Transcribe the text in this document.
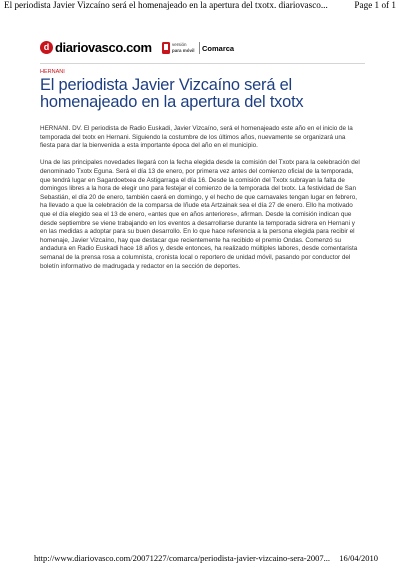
El periodista Javier Vizcaíno será el homenajeado en la apertura del txotx. diariovasco...	Page 1 of 1
d diariovasco.com	versión
para móvil Comarca
HERNANI
El periodista Javier Vizcaíno será el homenajeado en la apertura del txotx

HERNANI. DV. El periodista de Radio Euskadi, Javier Vizcaíno, será el homenajeado este año en el inicio de la temporada del txotx en Hernani. Siguiendo la costumbre de los últimos años, nuevamente se organizará una fiesta para dar la bienvenida a esta importante época del año en el municipio.

Una de las principales novedades llegará con la fecha elegida desde la comisión del Txotx para la celebración del denominado Txotx Eguna. Será el día 13 de enero, por primera vez antes del comienzo oficial de la temporada, que tendrá lugar en Sagardoetxea de Astigarraga el día 16. Desde la comisión del Txotx subrayan la falta de domingos libres a la hora de elegir uno para festejar el comienzo de la temporada del txotx. La festividad de San Sebastián, el día 20 de enero, también caerá en domingo, y el hecho de que carnavales tengan lugar en febrero, ha llevado a que la celebración de la comparsa de Iñude eta Artzainak sea el día 27 de enero. Ello ha motivado que el día elegido sea el 13 de enero, «antes que en años anteriores», afirman. Desde la comisión indican que desde septiembre se viene trabajando en los eventos a desarrollarse durante la temporada sidrera en Hernani y en las medidas a adoptar para su buen desarrollo. En lo que hace referencia a la persona elegida para recibir el homenaje, Javier Vizcaíno, hay que destacar que recientemente ha recibido el premio Ondas. Comenzó su andadura en Radio Euskadi hace 18 años y, desde entonces, ha realizado múltiples labores, desde comentarista semanal de la prensa rosa a columnista, cronista local o reportero de unidad móvil, pasando por conductor del boletín informativo de madrugada y redactor en la sección de deportes.

http://www.diariovasco.com/20071227/comarca/periodista-javier-vizcaino-sera-2007... 16/04/2010
